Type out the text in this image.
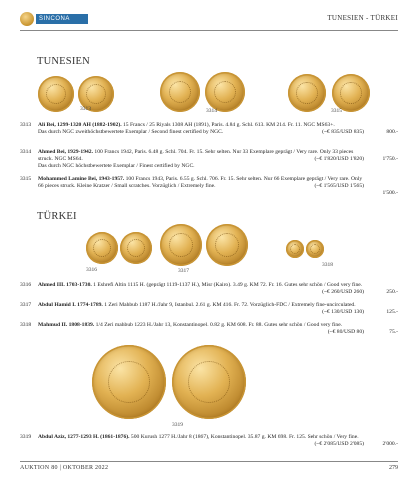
SINCONA	TUNESIEN - TÜRKEI
TUNESIEN
3313	3314	3315
3313	Ali Bei, 1299-1320 AH (1882-1902). 15 Francs / 25 Riyals 1308 AH (1891), Paris. 4.84 g. Schl. 613. KM 214. Fr. 11. NGC MS63+.
(~€ 835/USD 835)
Das durch NGC zweithöchstbewertete Exemplar / Second finest certified by NGC.	800.-
3314	Ahmed Bei, 1929-1942. 100 Francs 1942, Paris. 6.48 g. Schl. 704. Fr. 15. Sehr selten. Nur 33 Exemplare geprägt / Very rare. Only 33 pieces struck. NGC MS64.	(~€ 1'820/USD 1'820)
Das durch NGC höchstbewertete Exemplar / Finest certified by NGC.
1'750.-
3315	Mohammed Lamine Bei, 1943-1957. 100 Francs 1943, Paris. 6.55 g. Schl. 706. Fr. 15. Sehr selten. Nur 66 Exemplare geprägt / Very rare. Only 66 pieces struck. Kleine Kratzer / Small scratches. Vorzüglich / Extremely fine.	(~€ 1'565/USD 1'565)
1'500.-
TÜRKEI
3316	3317
3318
3316	Ahmed III. 1703-1730. 1 Eshrefi Altin 1115 H. (geprägt 1119-1137 H.), Misr (Kairo). 3.49 g. KM 72. Fr. 16. Gutes sehr schön / Good very fine.
(~€ 260/USD 260)	250.-
3317	Abdul Hamid I. 1774-1789. 1 Zeri Mahbub 1187 H./Jahr 9, Istanbul. 2.61 g. KM 416. Fr. 72. Vorzüglich-FDC / Extremely fine-uncirculated.
(~€ 130/USD 130)	125.-
3318	Mahmud II. 1808-1839. 1/4 Zeri mahbub 1223 H./Jahr 13, Konstantinopel. 0.82 g. KM 608. Fr. 88. Gutes sehr schön / Good very fine.
(~€ 80/USD 80)	75.-
3319
3319	Abdul Aziz, 1277-1293 H. (1861-1876). 500 Kurush 1277 H./Jahr 8 (1867), Konstantinopel. 35.87 g. KM 698. Fr. 125. Sehr schön / Very fine.
(~€ 2'085/USD 2'085)	2'000.-
AUKTION 80 | OKTOBER 2022	279
